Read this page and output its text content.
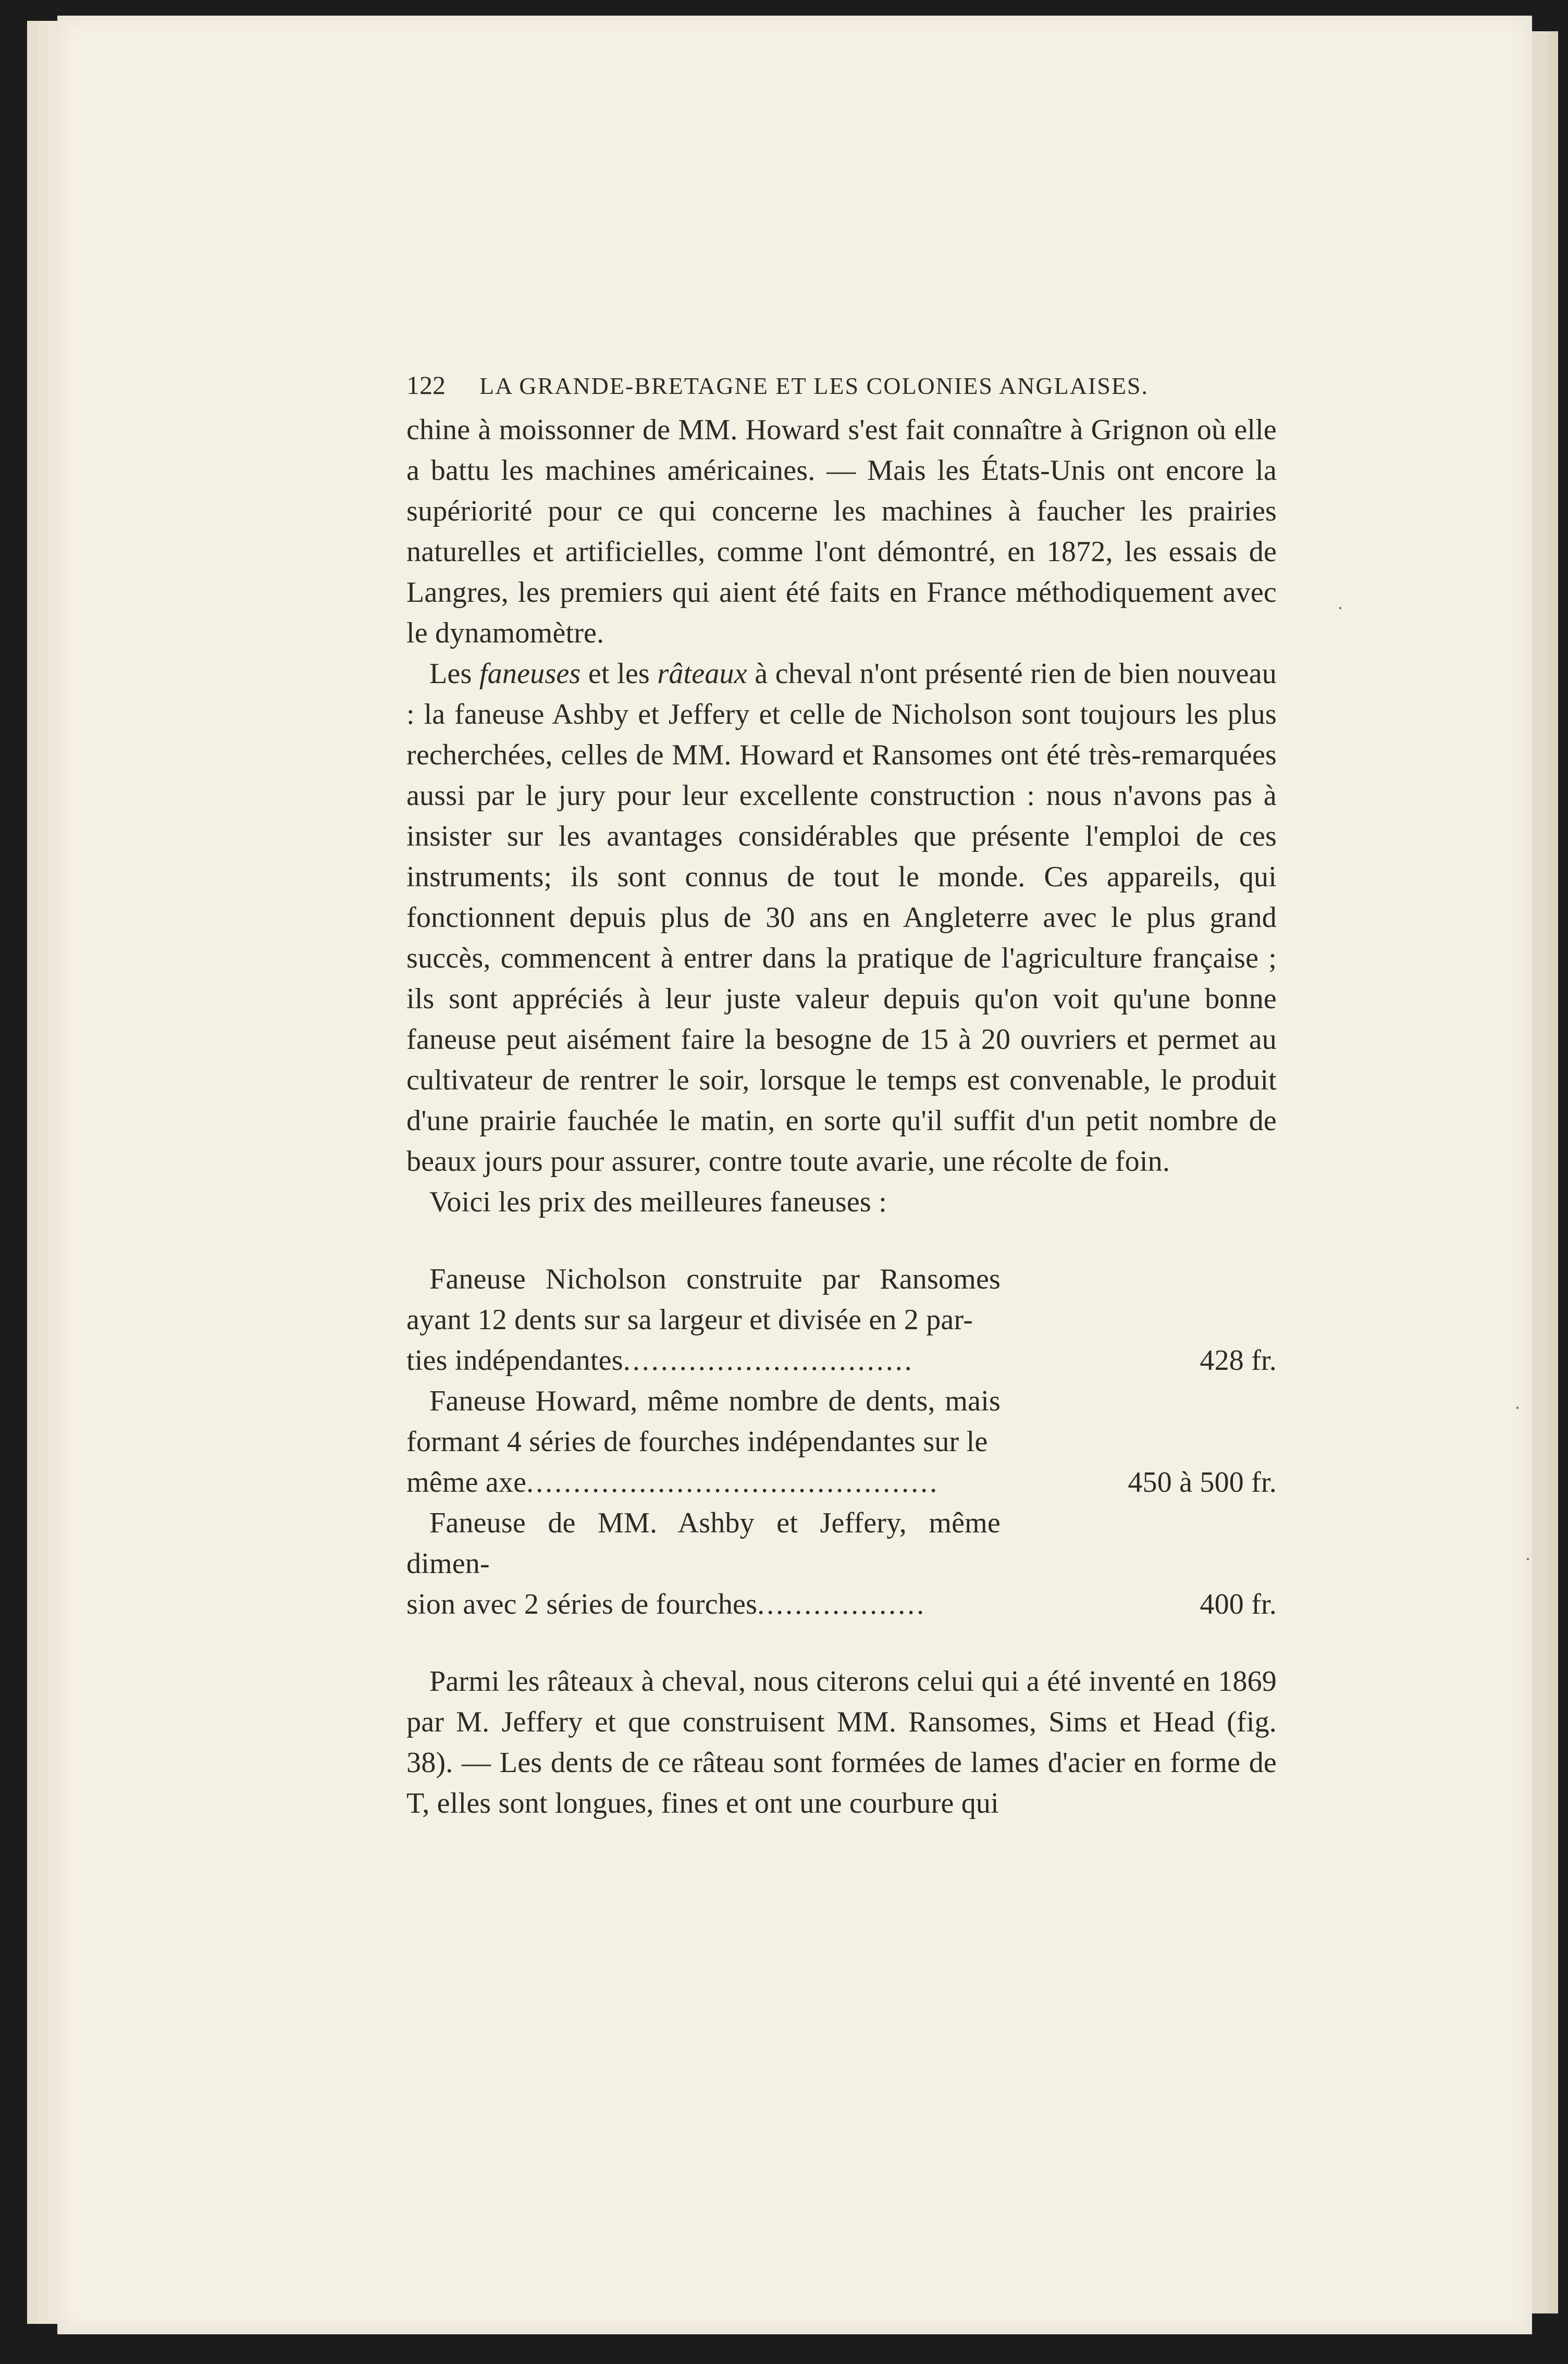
122	LA GRANDE-BRETAGNE ET LES COLONIES ANGLAISES.

chine à moissonner de MM. Howard s'est fait connaître à Grignon où elle a battu les machines américaines. — Mais les États-Unis ont encore la supériorité pour ce qui concerne les machines à faucher les prairies naturelles et artificielles, comme l'ont démontré, en 1872, les essais de Langres, les premiers qui aient été faits en France méthodiquement avec le dynamomètre.

Les faneuses et les râteaux à cheval n'ont présenté rien de bien nouveau : la faneuse Ashby et Jeffery et celle de Nicholson sont toujours les plus recherchées, celles de MM. Howard et Ransomes ont été très-remarquées aussi par le jury pour leur excellente construction : nous n'avons pas à insister sur les avantages considérables que présente l'emploi de ces instruments; ils sont connus de tout le monde. Ces appareils, qui fonctionnent depuis plus de 30 ans en Angleterre avec le plus grand succès, commencent à entrer dans la pratique de l'agriculture française ; ils sont appréciés à leur juste valeur depuis qu'on voit qu'une bonne faneuse peut aisément faire la besogne de 15 à 20 ouvriers et permet au cultivateur de rentrer le soir, lorsque le temps est convenable, le produit d'une prairie fauchée le matin, en sorte qu'il suffit d'un petit nombre de beaux jours pour assurer, contre toute avarie, une récolte de foin.

Voici les prix des meilleures faneuses :

Faneuse Nicholson construite par Ransomes ayant 12 dents sur sa largeur et divisée en 2 par-

ties indépendantes ...............................	428 fr.

Faneuse Howard, même nombre de dents, mais formant 4 séries de fourches indépendantes sur le

même axe ............................................	450 à 500 fr.

Faneuse de MM. Ashby et Jeffery, même dimen-

sion avec 2 séries de fourches ..................	400 fr.

Parmi les râteaux à cheval, nous citerons celui qui a été inventé en 1869 par M. Jeffery et que construisent MM. Ransomes, Sims et Head (fig. 38). — Les dents de ce râteau sont formées de lames d'acier en forme de T, elles sont longues, fines et ont une courbure qui
